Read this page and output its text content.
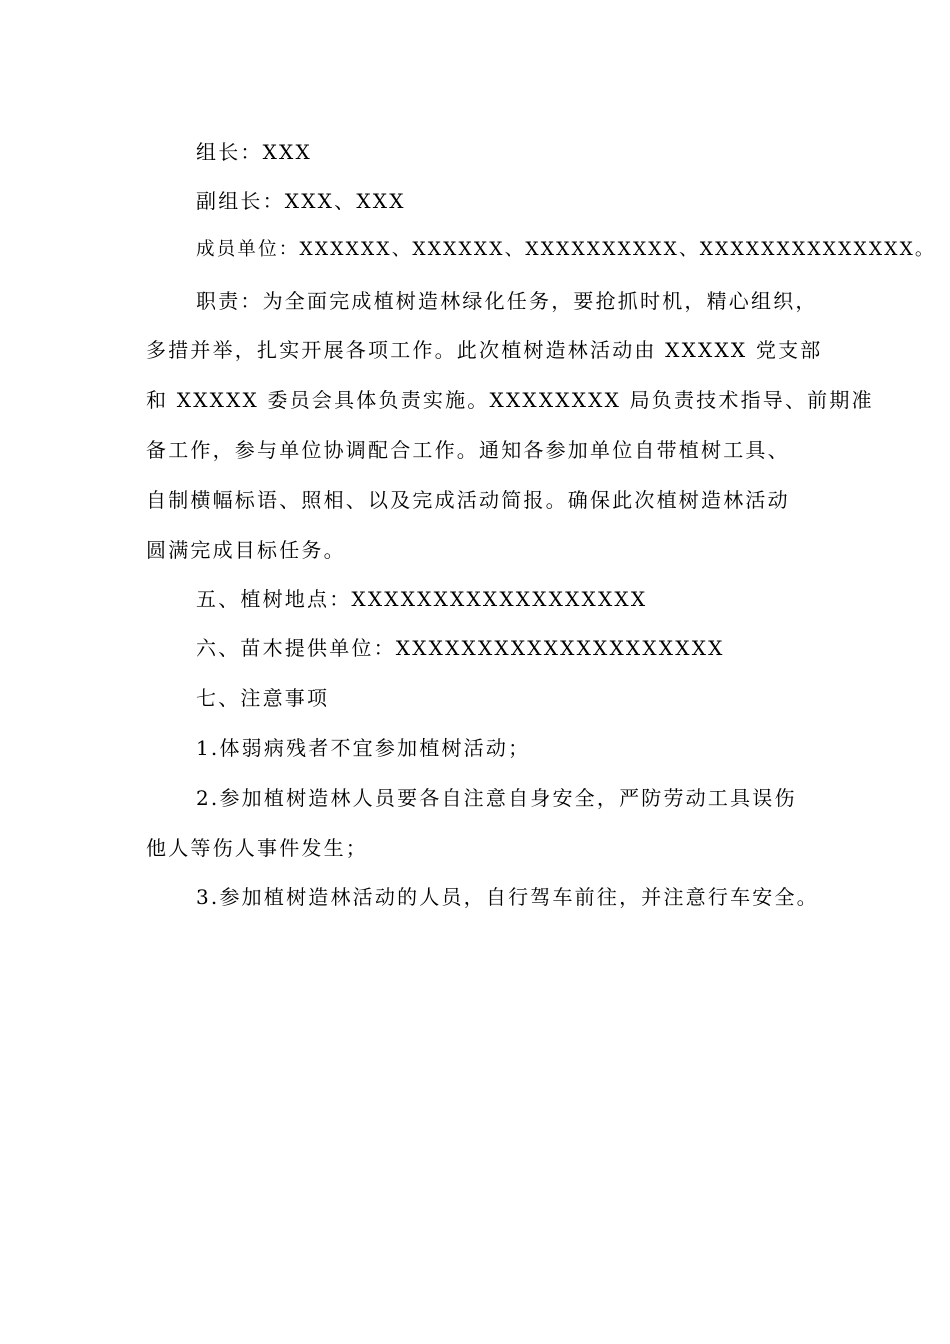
组长：XXX
副组长：XXX、XXX
成员单位：XXXXXX、XXXXXX、XXXXXXXXXX、XXXXXXXXXXXXXX。
职责：为全面完成植树造林绿化任务，要抢抓时机，精心组织，
多措并举，扎实开展各项工作。此次植树造林活动由 XXXXX 党支部
和 XXXXX 委员会具体负责实施。XXXXXXXX 局负责技术指导、前期准
备工作，参与单位协调配合工作。通知各参加单位自带植树工具、
自制横幅标语、照相、以及完成活动简报。确保此次植树造林活动
圆满完成目标任务。
五、植树地点：XXXXXXXXXXXXXXXXXX
六、苗木提供单位：XXXXXXXXXXXXXXXXXXXX
七、注意事项
1.体弱病残者不宜参加植树活动；
2.参加植树造林人员要各自注意自身安全，严防劳动工具误伤
他人等伤人事件发生；
3.参加植树造林活动的人员，自行驾车前往，并注意行车安全。
